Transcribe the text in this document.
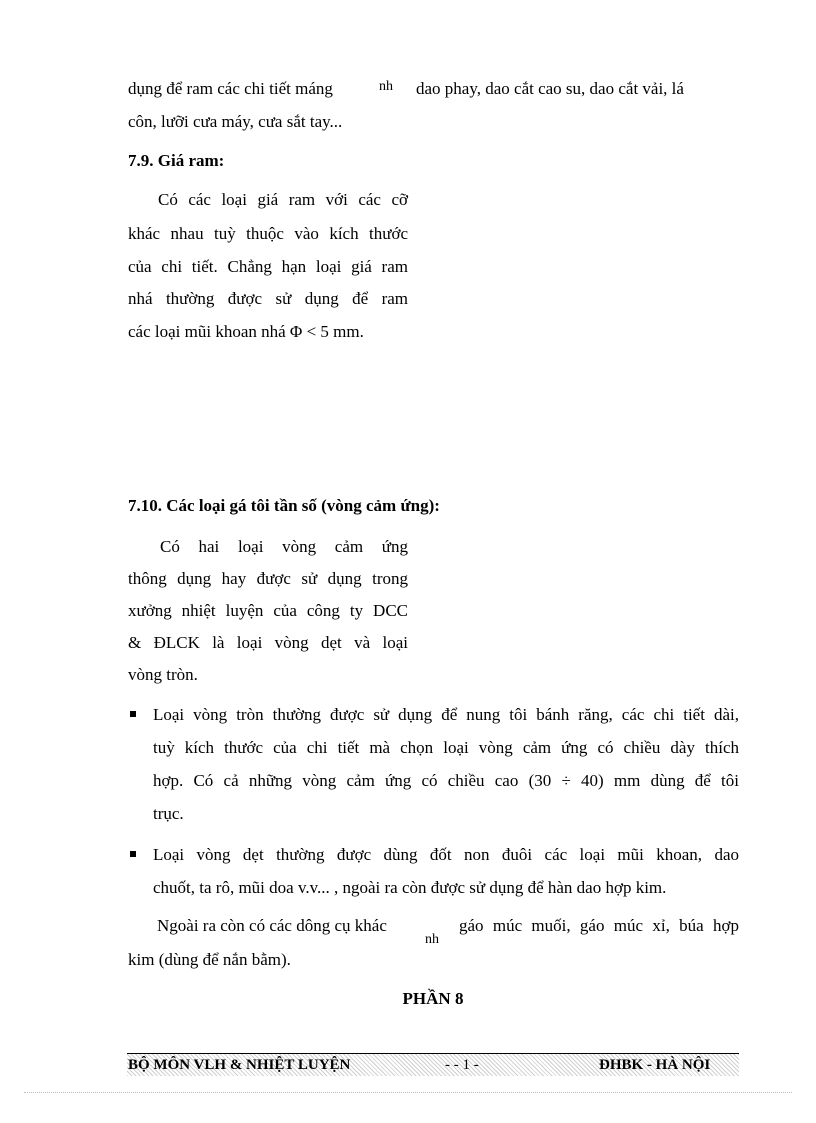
dụng để ram các chi tiết máng	nh	dao phay, dao cắt cao su, dao cắt vải, lá
côn, lưỡi cưa máy, cưa sắt tay...
7.9. Giá ram:
Có các loại giá ram với các cỡ
khác nhau tuỳ thuộc vào kích thước
của chi tiết. Chẳng hạn loại giá ram
nhá thường được sử dụng để ram
các loại mũi khoan nhá Φ < 5 mm.
7.10. Các loại gá tôi tần số (vòng cảm ứng):
Có hai loại vòng cảm ứng
thông dụng hay được sử dụng trong
xưởng nhiệt luyện của công ty DCC
& ĐLCK là loại vòng dẹt và loại
vòng tròn.
Loại vòng tròn thường được sử dụng để nung tôi bánh răng, các chi tiết dài,
tuỳ kích thước của chi tiết mà chọn loại vòng cảm ứng có chiều dày thích
hợp. Có cả những vòng cảm ứng có chiều cao (30 ÷ 40) mm dùng để tôi
trục.
Loại vòng dẹt thường được dùng đốt non đuôi các loại mũi khoan, dao
chuốt, ta rô, mũi doa v.v... , ngoài ra còn được sử dụng để hàn dao hợp kim.
Ngoài ra còn có các dông cụ khác
nh
gáo múc muối, gáo múc xỉ, búa hợp
kim (dùng để nắn bằm).
PHẦN 8
BỘ MÔN VLH & NHIỆT LUYỆN	- - 1 -	ĐHBK - HÀ NỘI
